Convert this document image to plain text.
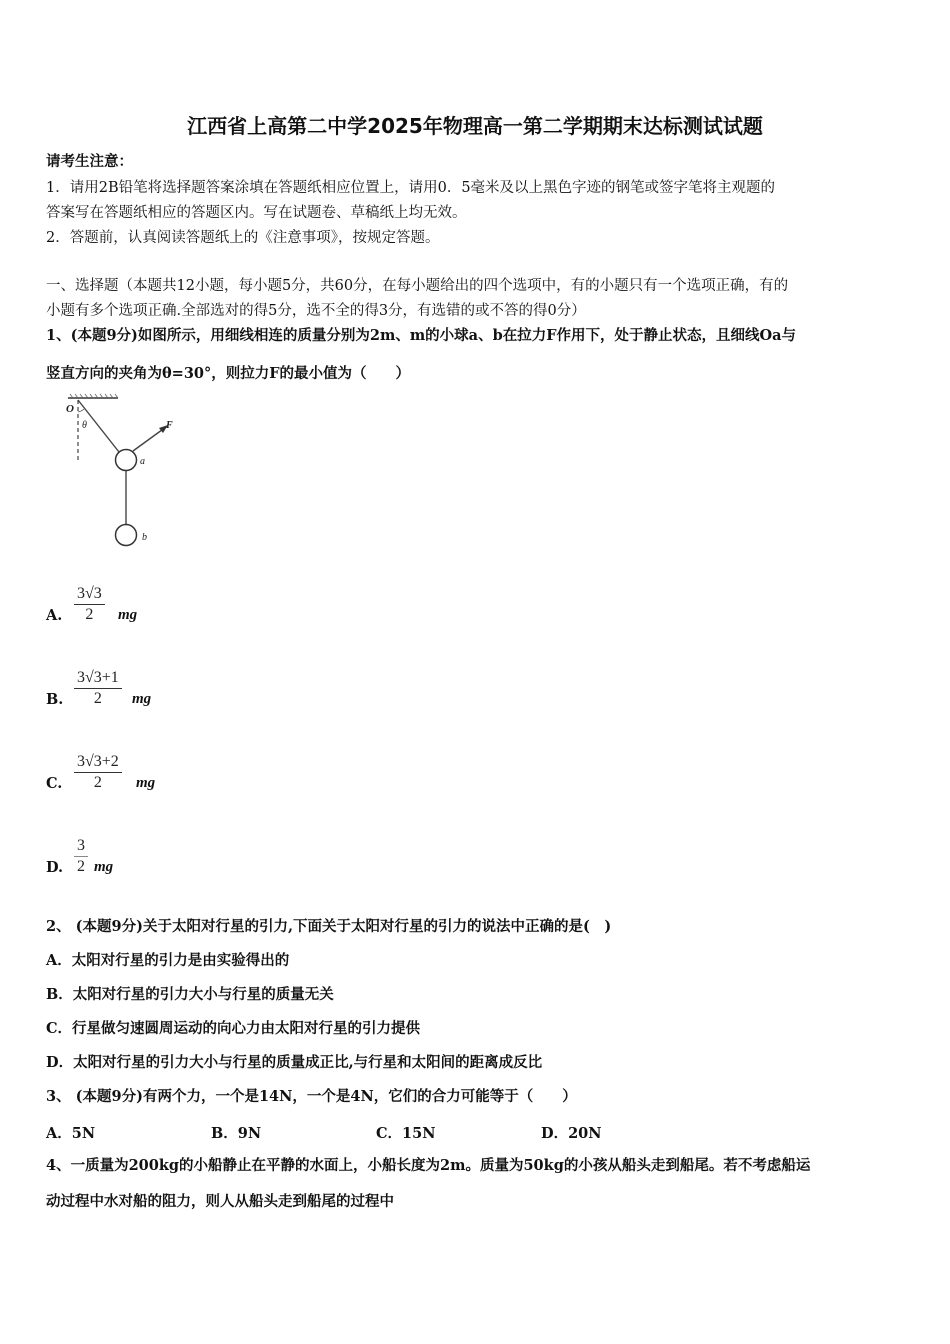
江西省上高第二中学2025年物理高一第二学期期末达标测试试题
请考生注意：
1．请用2B铅笔将选择题答案涂填在答题纸相应位置上，请用0．5毫米及以上黑色字迹的钢笔或签字笔将主观题的
答案写在答题纸相应的答题区内。写在试题卷、草稿纸上均无效。
2．答题前，认真阅读答题纸上的《注意事项》，按规定答题。
一、选择题（本题共12小题，每小题5分，共60分，在每小题给出的四个选项中，有的小题只有一个选项正确，有的
小题有多个选项正确.全部选对的得5分，选不全的得3分，有选错的或不答的得0分）
1、(本题9分)如图所示，用细线相连的质量分别为2m、m的小球a、b在拉力F作用下，处于静止状态，且细线Oa与
竖直方向的夹角为θ=30°，则拉力F的最小值为（　　）
O
θ	F
a
b
A. $\frac{3√3}{2}$ mg
B. $\frac{3√3+1}{2}$ mg
C. $\frac{3√3+2}{2}$ mg
D. $\frac{3}{2}$ mg
2、 (本题9分)关于太阳对行星的引力,下面关于太阳对行星的引力的说法中正确的是(　)
A．太阳对行星的引力是由实验得出的
B．太阳对行星的引力大小与行星的质量无关
C．行星做匀速圆周运动的向心力由太阳对行星的引力提供
D．太阳对行星的引力大小与行星的质量成正比,与行星和太阳间的距离成反比
3、 (本题9分)有两个力，一个是14N，一个是4N，它们的合力可能等于（　　）
A．5N	B．9N	C．15N	D．20N
4、一质量为200kg的小船静止在平静的水面上，小船长度为2m。质量为50kg的小孩从船头走到船尾。若不考虑船运
动过程中水对船的阻力，则人从船头走到船尾的过程中
